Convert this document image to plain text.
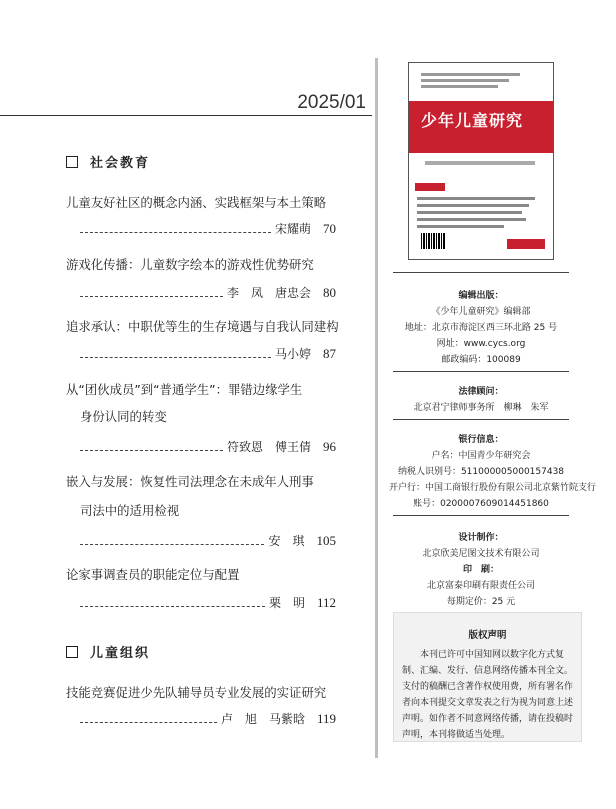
2025/01
社会教育
儿童友好社区的概念内涵、实践框架与本土策略
宋耀萌 70
游戏化传播：儿童数字绘本的游戏性优势研究
李　凤　唐忠会 80
追求承认：中职优等生的生存境遇与自我认同建构
马小婷 87
从“团伙成员”到“普通学生”：罪错边缘学生
身份认同的转变
符致恩　傅王倩 96
嵌入与发展：恢复性司法理念在未成年人刑事
司法中的适用检视
安　琪 105
论家事调查员的职能定位与配置
栗　明 112
儿童组织
技能竞赛促进少先队辅导员专业发展的实证研究
卢　旭　马紫晗 119
少年儿童研究
编辑出版：
《少年儿童研究》编辑部
地址：北京市海淀区西三环北路 25 号
网址：www.cycs.org
邮政编码：100089
法律顾问：
北京君宁律师事务所　柳琳　朱军
银行信息：
户名：中国青少年研究会
纳税人识别号：511000005000157438
开户行：中国工商银行股份有限公司北京紫竹院支行
账号：0200007609014451860
设计制作：
北京欣美尼图文技术有限公司
印　刷：
北京富泰印刷有限责任公司
每期定价：25 元
版权声明
本刊已许可中国知网以数字化方式复制、汇编、发行、信息网络传播本刊全文。支付的稿酬已含著作权使用费，所有署名作者向本刊提交文章发表之行为视为同意上述声明。如作者不同意网络传播，请在投稿时声明，本刊将做适当处理。
